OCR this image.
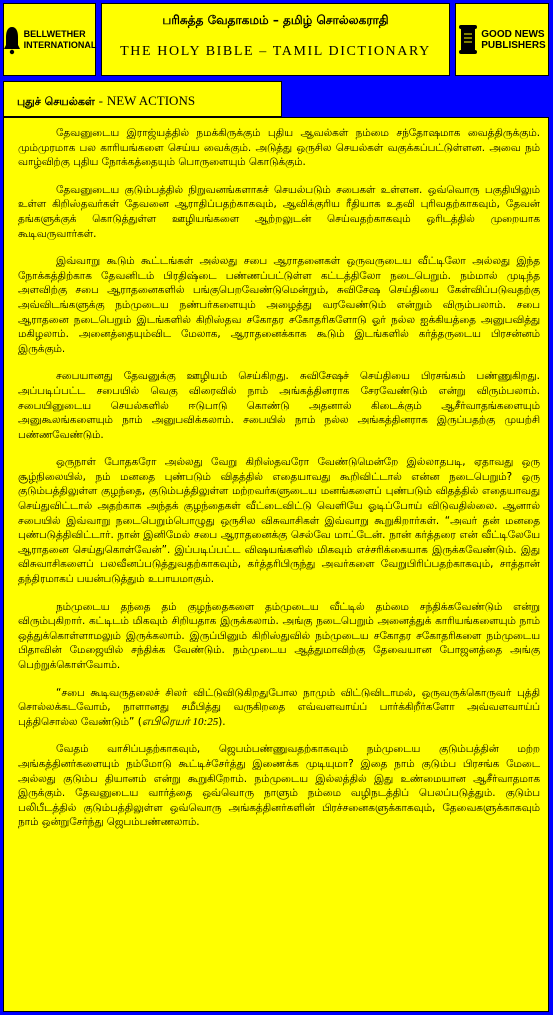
BELLWETHER
INTERNATIONAL
பரிசுத்த வேதாகமம் – தமிழ் சொல்லகராதி
THE HOLY BIBLE – TAMIL DICTIONARY
GOOD NEWS
PUBLISHERS
புதுச் செயல்கள் - NEW ACTIONS

தேவனுடைய இராஜ்யத்தில் நமக்கிருக்கும் புதிய ஆவல்கள் நம்மை சந்தோஷமாக வைத்திருக்கும். மும்முரமாக பல காரியங்களை செய்ய வைக்கும். அடுத்து ஒருசில செயல்கள் வகுக்கப்பட்டுள்ளன. அவை நம் வாழ்விற்கு புதிய நோக்கத்தையும் பொருளையும் கொடுக்கும்.

தேவனுடைய குடும்பத்தில் நிறுவனங்களாகச் செயல்படும் சபைகள் உள்ளன. ஒவ்வொரு பகுதியிலும் உள்ள கிறிஸ்தவர்கள் தேவனை ஆராதிப்பதற்காகவும், ஆவிக்குரிய ரீதியாக உதவி புரிவதற்காகவும், தேவன் தங்களுக்குக் கொடுத்துள்ள ஊழியங்களை ஆற்றலுடன் செய்வதற்காகவும் ஒரிடத்தில் முறையாக கூடிவருவார்கள்.

இவ்வாறு கூடும் கூட்டங்கள் அல்லது சபை ஆராதனைகள் ஒருவருடைய வீட்டிலோ அல்லது இந்த நோக்கத்திற்காக தேவனிடம் பிரதிஷ்டை பண்ணப்பட்டுள்ள கட்டத்திலோ நடைபெறும். நம்மால் முடிந்த அளவிற்கு சபை ஆராதனைகளில் பங்குபெறவேண்டுமென்றும், சுவிசேஷ செய்தியை கேள்விப்படுவதற்கு அவ்விடங்களுக்கு நம்முடைய நண்பர்களையும் அழைத்து வரவேண்டும் என்றும் விரும்பலாம். சபை ஆராதனை நடைபெறும் இடங்களில் கிறிஸ்தவ சகோதர சகோதரிகளோடு ஓர் நல்ல ஐக்கியத்தை அனுபவித்து மகிழலாம். அனைத்தையும்விட மேலாக, ஆராதனைக்காக கூடும் இடங்களில் கர்த்தருடைய பிரசன்னம் இருக்கும்.

சபையானது தேவனுக்கு ஊழியம் செய்கிறது. சுவிசேஷச் செய்தியை பிரசங்கம் பண்ணுகிறது. அப்படிப்பட்ட சபையில் வெகு விரைவில் நாம் அங்கத்தினராக சேரவேண்டும் என்று விரும்பலாம். சபையினுடைய செயல்களில் ஈடுபாடு கொண்டு அதனால் கிடைக்கும் ஆசீர்வாதங்களையும் அனுகூலங்களையும் நாம் அனுபவிக்கலாம். சபையில் நாம் நல்ல அங்கத்தினராக இருப்பதற்கு முயற்சி பண்ணவேண்டும்.

ஒருநாள் போதகரோ அல்லது வேறு கிறிஸ்தவரோ வேண்டுமென்றே இல்லாதபடி, ஏதாவது ஒரு சூழ்நிலையில், நம் மனதை புண்படும் விதத்தில் எதையாவது கூறிவிட்டால் என்ன நடைபெறும்? ஒரு குடும்பத்திலுள்ள குழந்தை, குடும்பத்திலுள்ள மற்றவர்களுடைய மனங்களைப் புண்படும் விதத்தில் எதையாவது செய்துவிட்டால் அதற்காக அந்தக் குழந்தைகள் வீட்டைவிட்டு வெளியே ஓடிப்போய் விடுவதில்லை. ஆனால் சபையில் இவ்வாறு நடைபெறும்பொழுது ஒருசில விசுவாசிகள் இவ்வாறு கூறுகிறார்கள். “அவர் தன் மனதை புண்படுத்திவிட்டார். நான் இனிமேல் சபை ஆராதனைக்கு செல்வே மாட்டேன். நான் கர்த்தரை என் வீட்டிலேயே ஆராதனை செய்துகொள்வேன்”. இப்படிப்பட்ட விஷயங்களில் மிகவும் எச்சரிக்கையாக இருக்கவேண்டும். இது விசுவாசிகளைப் பலவீனப்படுத்துவதற்காகவும், கர்த்தரிபிருந்து அவர்களை வேறுபிரிப்பதற்காகவும், சாத்தான் தந்திரமாகப் பயன்படுத்தும் உபாயமாகும்.

நம்முடைய தந்தை தம் குழந்தைகளை தம்முடைய வீட்டில் தம்மை சந்திக்கவேண்டும் என்று விரும்புகிறார். கட்டிடம் மிகவும் சிறியதாக இருக்கலாம். அங்கு நடைபெறும் அனைத்துக் காரியங்களையும் நாம் ஒத்துக்கொள்ளாமலும் இருக்கலாம். இருப்பினும் கிறிஸ்துவில் நம்முடைய சகோதர சகோதரிகளை நம்முடைய பிதாவின் மேஜையில் சந்திக்க வேண்டும். நம்முடைய ஆத்துமாவிற்கு தேவையான போஜனத்தை அங்கு பெற்றுக்கொள்வோம்.

“சபை கூடிவருதலைச் சிலர் விட்டுவிடுகிறதுபோல நாமும் விட்டுவிடாமல், ஒருவருக்கொருவர் புத்தி சொல்லக்கடவோம், நாளானது சமீபித்து வருகிறதை எவ்வளவாய்ப் பார்க்கிறீர்களோ அவ்வளவாய்ப் புத்திசொல்ல வேண்டும்” (எபிரெயர் 10:25).

வேதம் வாசிப்பதற்காகவும், ஜெபம்பண்ணுவதற்காகவும் நம்முடைய குடும்பத்தின் மற்ற அங்கத்தினர்களையும் நம்மோடு கூட்டிச்சேர்த்து இணைக்க முடியுமா? இதை நாம் குடும்ப பிரசங்க மேடை அல்லது குடும்ப தியானம் என்று கூறுகிறோம். நம்முடைய இல்லத்தில் இது உண்மையான ஆசீர்வாதமாக இருக்கும். தேவனுடைய வார்த்தை ஒவ்வொரு நாளும் நம்மை வழிநடத்திப் பெலப்படுத்தும். குடும்ப பலிபீடத்தில் குடும்பத்திலுள்ள ஒவ்வொரு அங்கத்தினர்களின் பிரச்சனைகளுக்காகவும், தேவைகளுக்காகவும் நாம் ஒன்றுசேர்ந்து ஜெபம்பண்ணலாம்.
